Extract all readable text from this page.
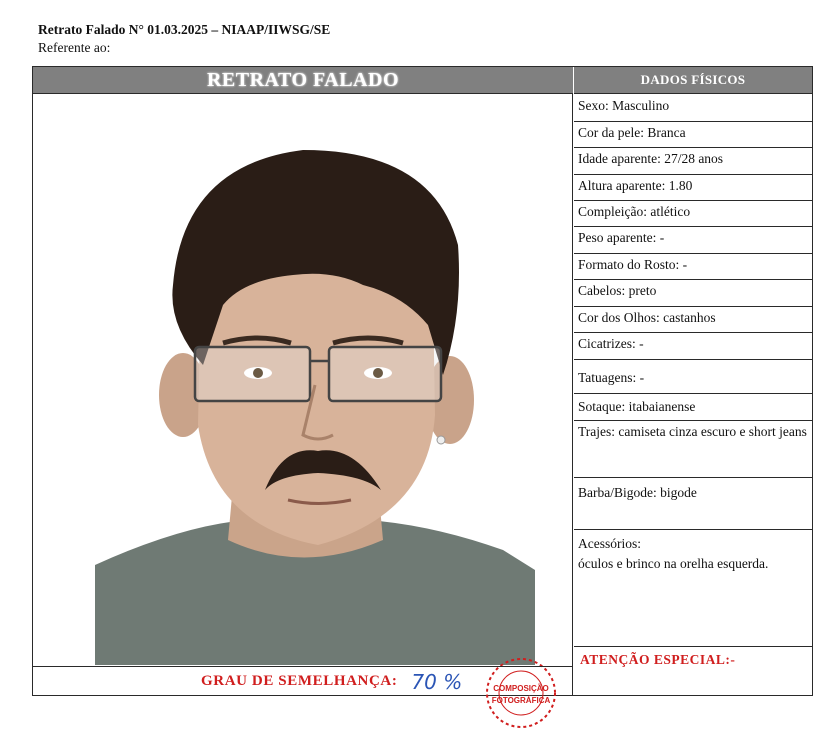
Retrato Falado N° 01.03.2025 – NIAAP/IIWSG/SE
Referente ao:
RETRATO FALADO	DADOS FÍSICOS
COMPOSIÇÃO
FOTOGRÁFICA
GRAU DE SEMELHANÇA: 70 %
Sexo: Masculino
Cor da pele: Branca
Idade aparente: 27/28 anos
Altura aparente: 1.80
Compleição: atlético
Peso aparente: -
Formato do Rosto: -
Cabelos: preto
Cor dos Olhos: castanhos
Cicatrizes: -
Tatuagens: -
Sotaque: itabaianense
Trajes: camiseta cinza escuro e short jeans
Barba/Bigode: bigode
Acessórios:
óculos e brinco na orelha esquerda.
ATENÇÃO ESPECIAL:-
